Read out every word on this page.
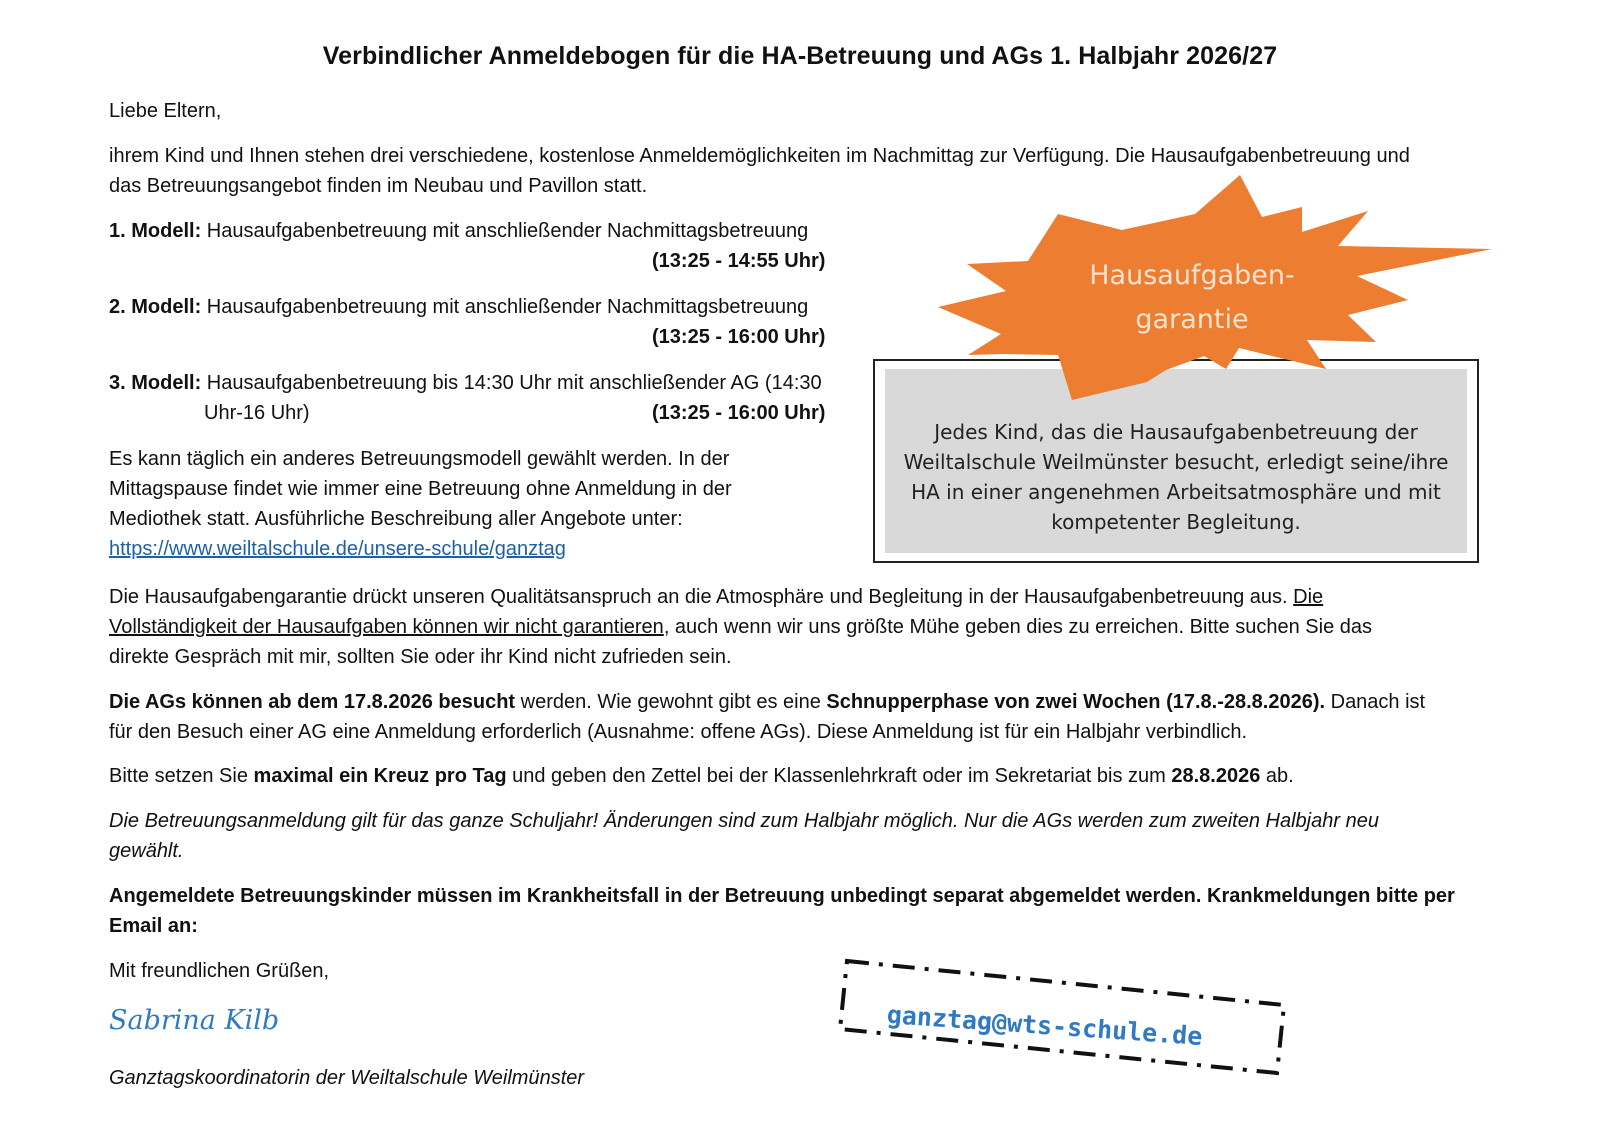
Verbindlicher Anmeldebogen für die HA-Betreuung und AGs 1. Halbjahr 2026/27
Liebe Eltern,
ihrem Kind und Ihnen stehen drei verschiedene, kostenlose Anmeldemöglichkeiten im Nachmittag zur Verfügung. Die Hausaufgabenbetreuung und
das Betreuungsangebot finden im Neubau und Pavillon statt.
1. Modell: Hausaufgabenbetreuung mit anschließender Nachmittagsbetreuung
(13:25 - 14:55 Uhr)
2. Modell: Hausaufgabenbetreuung mit anschließender Nachmittagsbetreuung
(13:25 - 16:00 Uhr)
3. Modell: Hausaufgabenbetreuung bis 14:30 Uhr mit anschließender AG (14:30
Uhr-16 Uhr)	(13:25 - 16:00 Uhr)
Es kann täglich ein anderes Betreuungsmodell gewählt werden. In der
Mittagspause findet wie immer eine Betreuung ohne Anmeldung in der
Mediothek statt. Ausführliche Beschreibung aller Angebote unter:
https://www.weiltalschule.de/unsere-schule/ganztag
Jedes Kind, das die Hausaufgabenbetreuung der
Weiltalschule Weilmünster besucht, erledigt seine/ihre
HA in einer angenehmen Arbeitsatmosphäre und mit
kompetenter Begleitung.
Hausaufgaben-
garantie
Die Hausaufgabengarantie drückt unseren Qualitätsanspruch an die Atmosphäre und Begleitung in der Hausaufgabenbetreuung aus. Die
Vollständigkeit der Hausaufgaben können wir nicht garantieren, auch wenn wir uns größte Mühe geben dies zu erreichen. Bitte suchen Sie das
direkte Gespräch mit mir, sollten Sie oder ihr Kind nicht zufrieden sein.
Die AGs können ab dem 17.8.2026 besucht werden. Wie gewohnt gibt es eine Schnupperphase von zwei Wochen (17.8.-28.8.2026). Danach ist
für den Besuch einer AG eine Anmeldung erforderlich (Ausnahme: offene AGs). Diese Anmeldung ist für ein Halbjahr verbindlich.
Bitte setzen Sie maximal ein Kreuz pro Tag und geben den Zettel bei der Klassenlehrkraft oder im Sekretariat bis zum 28.8.2026 ab.
Die Betreuungsanmeldung gilt für das ganze Schuljahr! Änderungen sind zum Halbjahr möglich. Nur die AGs werden zum zweiten Halbjahr neu
gewählt.
Angemeldete Betreuungskinder müssen im Krankheitsfall in der Betreuung unbedingt separat abgemeldet werden. Krankmeldungen bitte per
Email an:
Mit freundlichen Grüßen,
Sabrina Kilb
Ganztagskoordinatorin der Weiltalschule Weilmünster
ganztag@wts-schule.de
